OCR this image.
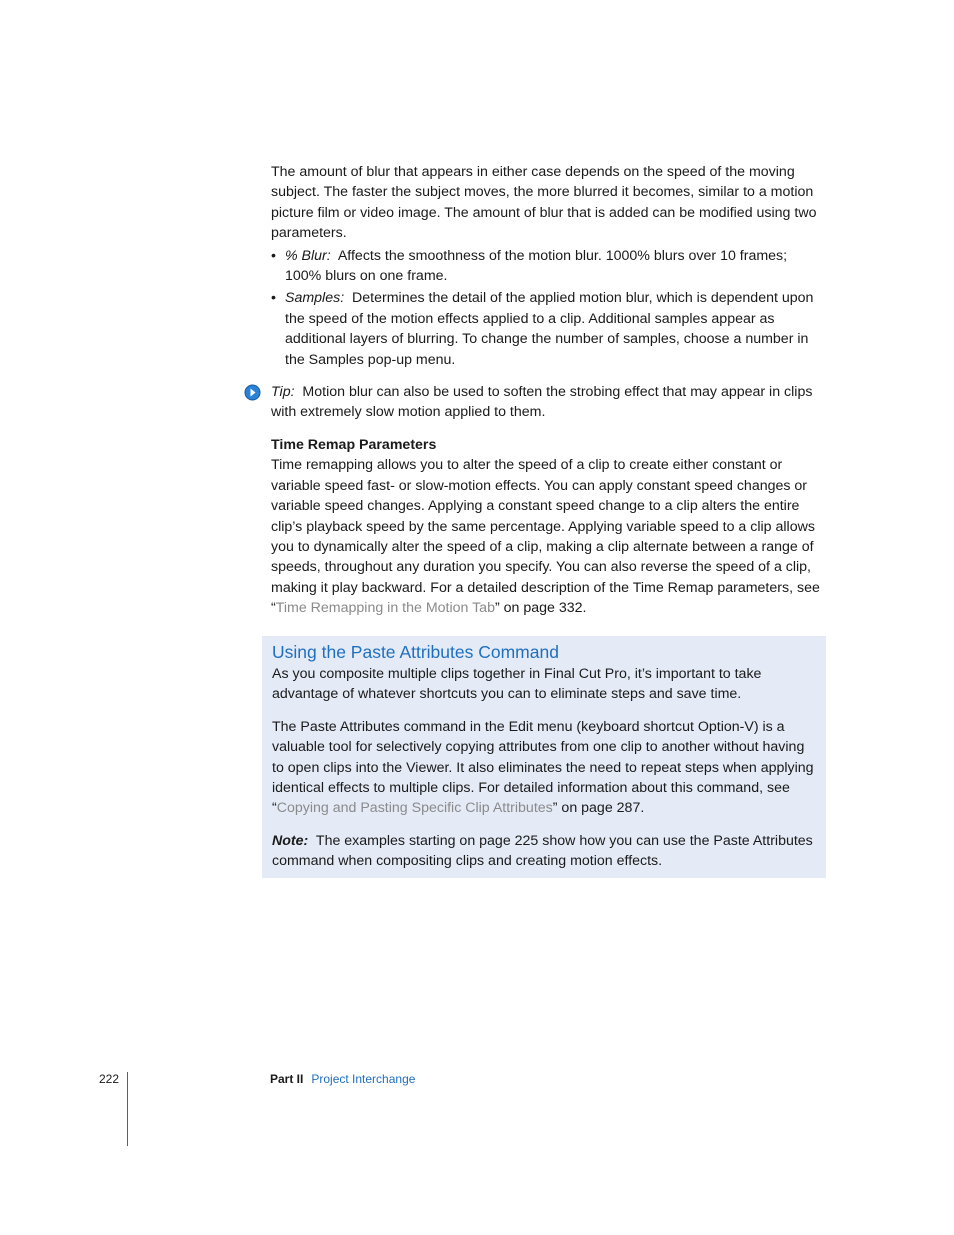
The amount of blur that appears in either case depends on the speed of the moving subject. The faster the subject moves, the more blurred it becomes, similar to a motion picture film or video image. The amount of blur that is added can be modified using two parameters.

• % Blur: Affects the smoothness of the motion blur. 1000% blurs over 10 frames; 100% blurs on one frame.
• Samples: Determines the detail of the applied motion blur, which is dependent upon the speed of the motion effects applied to a clip. Additional samples appear as additional layers of blurring. To change the number of samples, choose a number in the Samples pop-up menu.
Tip: Motion blur can also be used to soften the strobing effect that may appear in clips with extremely slow motion applied to them.

Time Remap Parameters

Time remapping allows you to alter the speed of a clip to create either constant or variable speed fast- or slow-motion effects. You can apply constant speed changes or variable speed changes. Applying a constant speed change to a clip alters the entire clip’s playback speed by the same percentage. Applying variable speed to a clip allows you to dynamically alter the speed of a clip, making a clip alternate between a range of speeds, throughout any duration you specify. You can also reverse the speed of a clip, making it play backward. For a detailed description of the Time Remap parameters, see “Time Remapping in the Motion Tab” on page 332.

Using the Paste Attributes Command

As you composite multiple clips together in Final Cut Pro, it’s important to take advantage of whatever shortcuts you can to eliminate steps and save time.

The Paste Attributes command in the Edit menu (keyboard shortcut Option-V) is a valuable tool for selectively copying attributes from one clip to another without having to open clips into the Viewer. It also eliminates the need to repeat steps when applying identical effects to multiple clips. For detailed information about this command, see “Copying and Pasting Specific Clip Attributes” on page 287.

Note: The examples starting on page 225 show how you can use the Paste Attributes command when compositing clips and creating motion effects.

222	Part II Project Interchange
